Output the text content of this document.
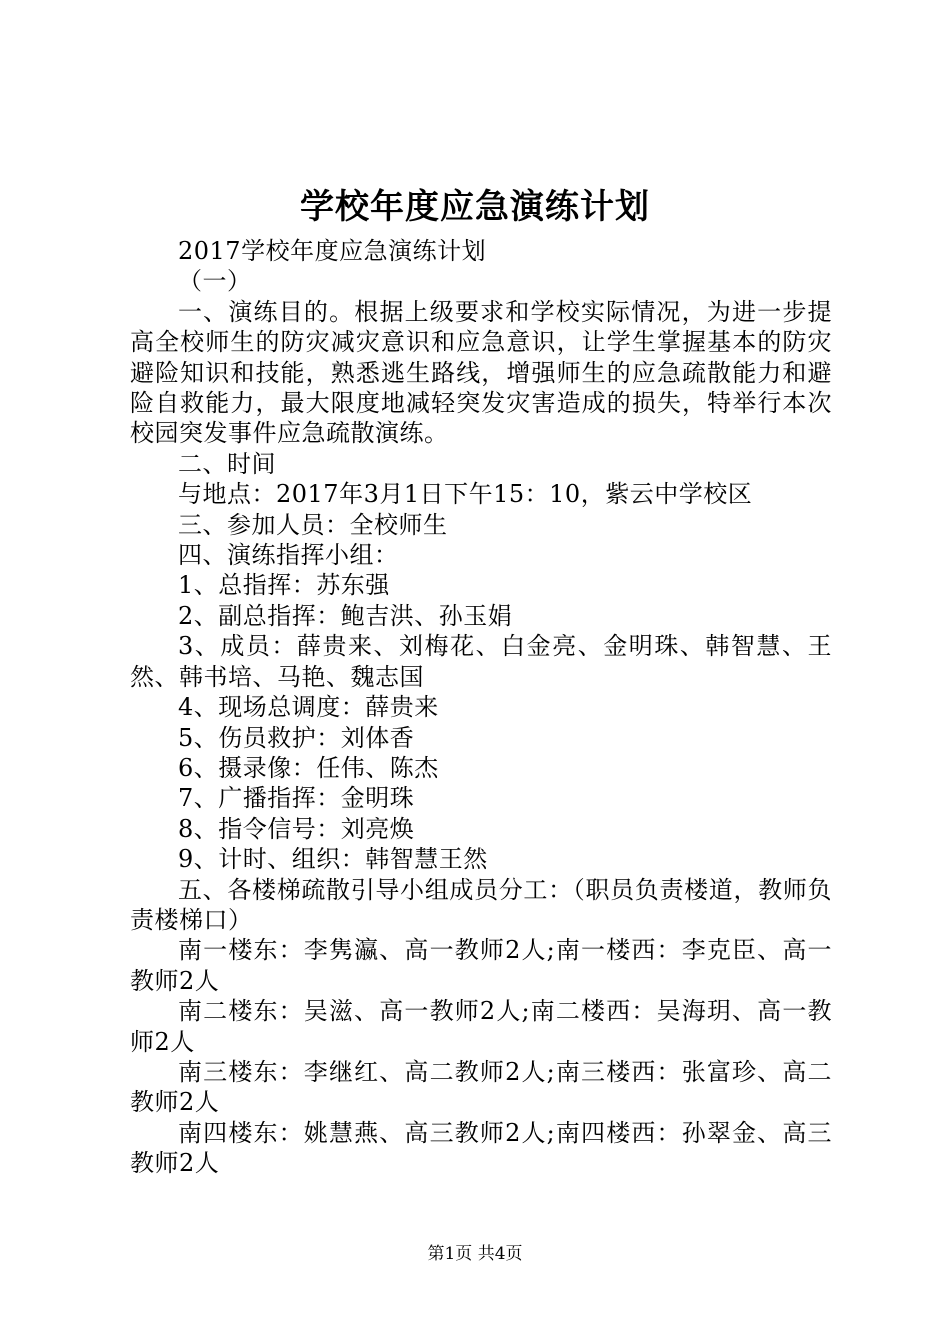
学校年度应急演练计划

2017学校年度应急演练计划

（一）

一、演练目的。根据上级要求和学校实际情况，为进一步提高全校师生的防灾减灾意识和应急意识，让学生掌握基本的防灾避险知识和技能，熟悉逃生路线，增强师生的应急疏散能力和避险自救能力，最大限度地减轻突发灾害造成的损失，特举行本次校园突发事件应急疏散演练。

二、时间

与地点：2017年3月1日下午15：10，紫云中学校区

三、参加人员：全校师生

四、演练指挥小组：

1、总指挥：苏东强

2、副总指挥：鲍吉洪、孙玉娟

3、成员：薛贵来、刘梅花、白金亮、金明珠、韩智慧、王然、韩书培、马艳、魏志国

4、现场总调度：薛贵来

5、伤员救护：刘体香

6、摄录像：任伟、陈杰

7、广播指挥：金明珠

8、指令信号：刘亮焕

9、计时、组织：韩智慧王然

五、各楼梯疏散引导小组成员分工：（职员负责楼道，教师负责楼梯口）

南一楼东：李隽瀛、高一教师2人;南一楼西：李克臣、高一教师2人

南二楼东：吴滋、高一教师2人;南二楼西：吴海玥、高一教师2人

南三楼东：李继红、高二教师2人;南三楼西：张富珍、高二教师2人

南四楼东：姚慧燕、高三教师2人;南四楼西：孙翠金、高三教师2人

第1页 共4页
